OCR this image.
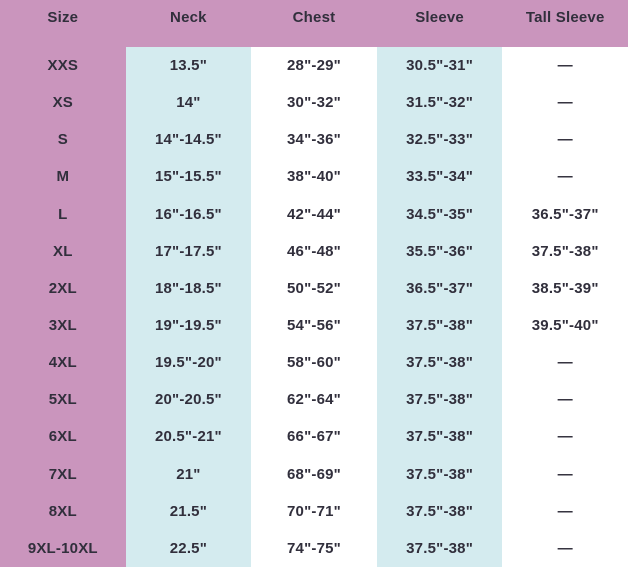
Size	Neck	Chest	Sleeve	Tall Sleeve
XXS	13.5"	28"-29"	30.5"-31"	—
XS	14"	30"-32"	31.5"-32"	—
S	14"-14.5"	34"-36"	32.5"-33"	—
M	15"-15.5"	38"-40"	33.5"-34"	—
L	16"-16.5"	42"-44"	34.5"-35"	36.5"-37"
XL	17"-17.5"	46"-48"	35.5"-36"	37.5"-38"
2XL	18"-18.5"	50"-52"	36.5"-37"	38.5"-39"
3XL	19"-19.5"	54"-56"	37.5"-38"	39.5"-40"
4XL	19.5"-20"	58"-60"	37.5"-38"	—
5XL	20"-20.5"	62"-64"	37.5"-38"	—
6XL	20.5"-21"	66"-67"	37.5"-38"	—
7XL	21"	68"-69"	37.5"-38"	—
8XL	21.5"	70"-71"	37.5"-38"	—
9XL-10XL	22.5"	74"-75"	37.5"-38"	—
